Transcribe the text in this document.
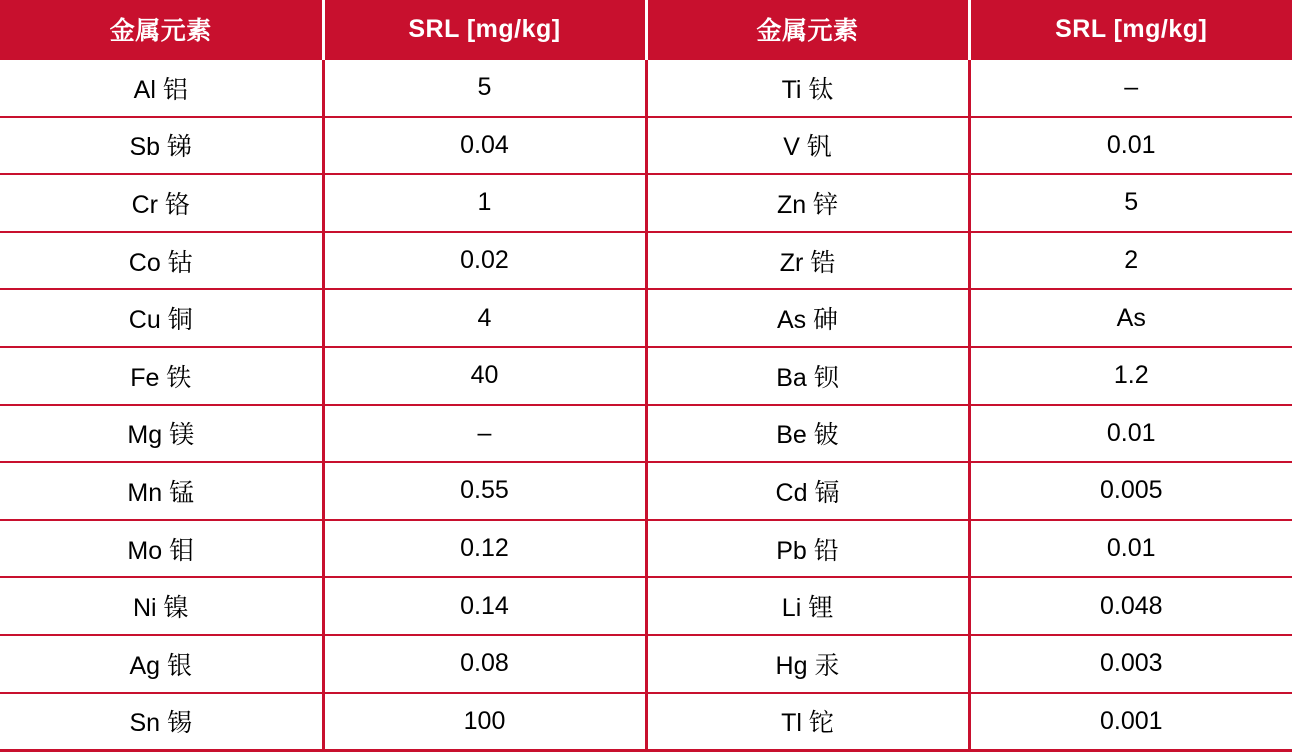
金属元素	SRL [mg/kg]	金属元素	SRL [mg/kg]
Al 铝	5	Ti 钛	–
Sb 锑	0.04	V 钒	0.01
Cr 铬	1	Zn 锌	5
Co 钴	0.02	Zr 锆	2
Cu 铜	4	As 砷	As
Fe 铁	40	Ba 钡	1.2
Mg 镁	–	Be 铍	0.01
Mn 锰	0.55	Cd 镉	0.005
Mo 钼	0.12	Pb 铅	0.01
Ni 镍	0.14	Li 锂	0.048
Ag 银	0.08	Hg 汞	0.003
Sn 锡	100	Tl 铊	0.001
